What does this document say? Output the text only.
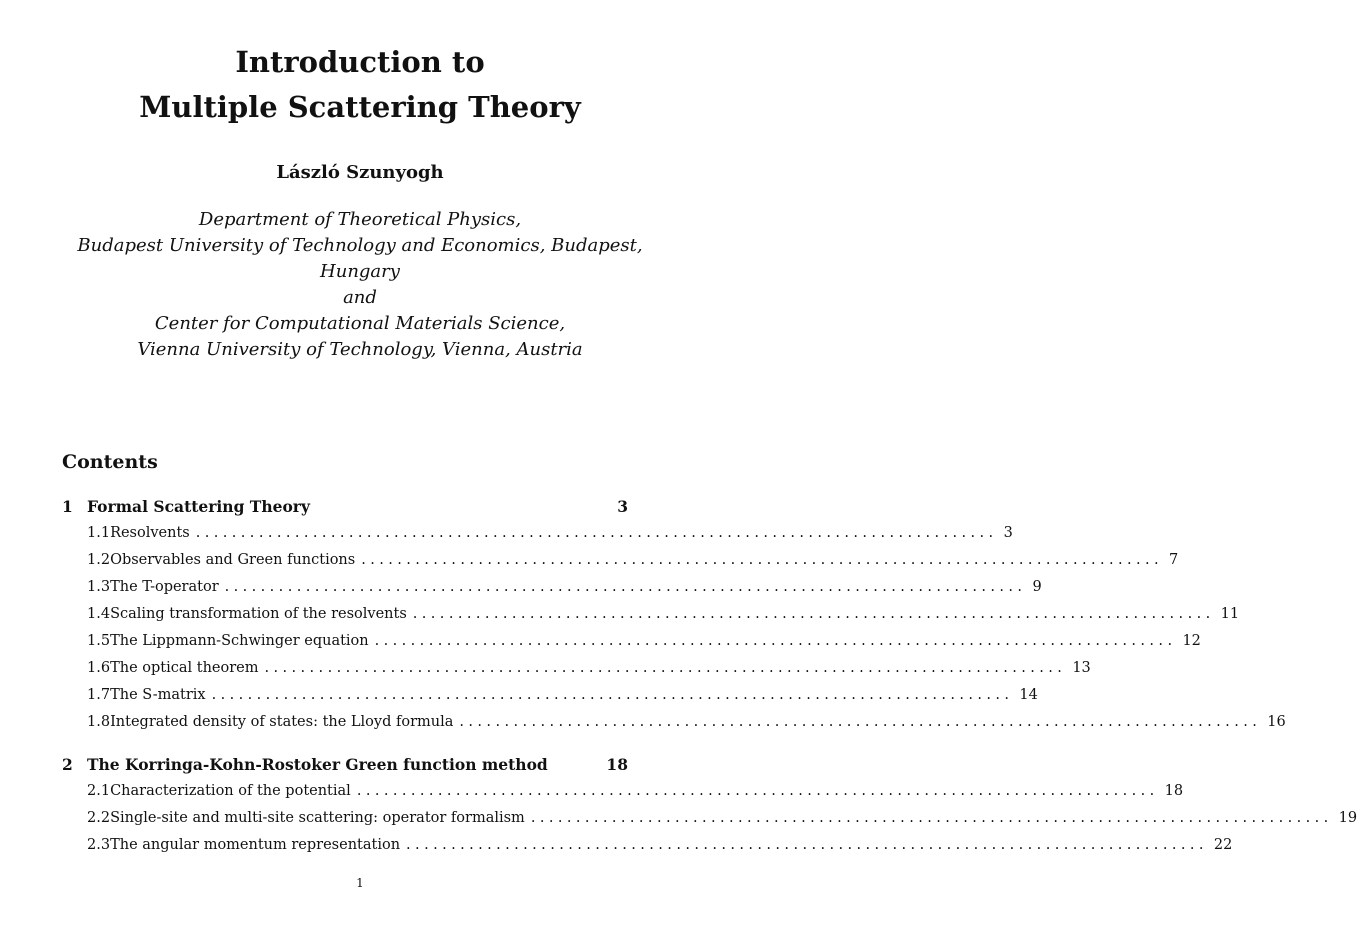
Introduction to
Multiple Scattering Theory
László Szunyogh
Department of Theoretical Physics,
Budapest University of Technology and Economics, Budapest,
Hungary
and
Center for Computational Materials Science,
Vienna University of Technology, Vienna, Austria
Contents
1 Formal Scattering Theory	3
1.1 Resolvents ......................................................................................... 3
1.2 Observables and Green functions ......................................................................................... 7
1.3 The T-operator ......................................................................................... 9
1.4 Scaling transformation of the resolvents ......................................................................................... 11
1.5 The Lippmann-Schwinger equation ......................................................................................... 12
1.6 The optical theorem ......................................................................................... 13
1.7 The S-matrix ......................................................................................... 14
1.8 Integrated density of states: the Lloyd formula ......................................................................................... 16
2 The Korringa-Kohn-Rostoker Green function method	18
2.1 Characterization of the potential ......................................................................................... 18
2.2 Single-site and multi-site scattering: operator formalism ......................................................................................... 19
2.3 The angular momentum representation ......................................................................................... 22
1
